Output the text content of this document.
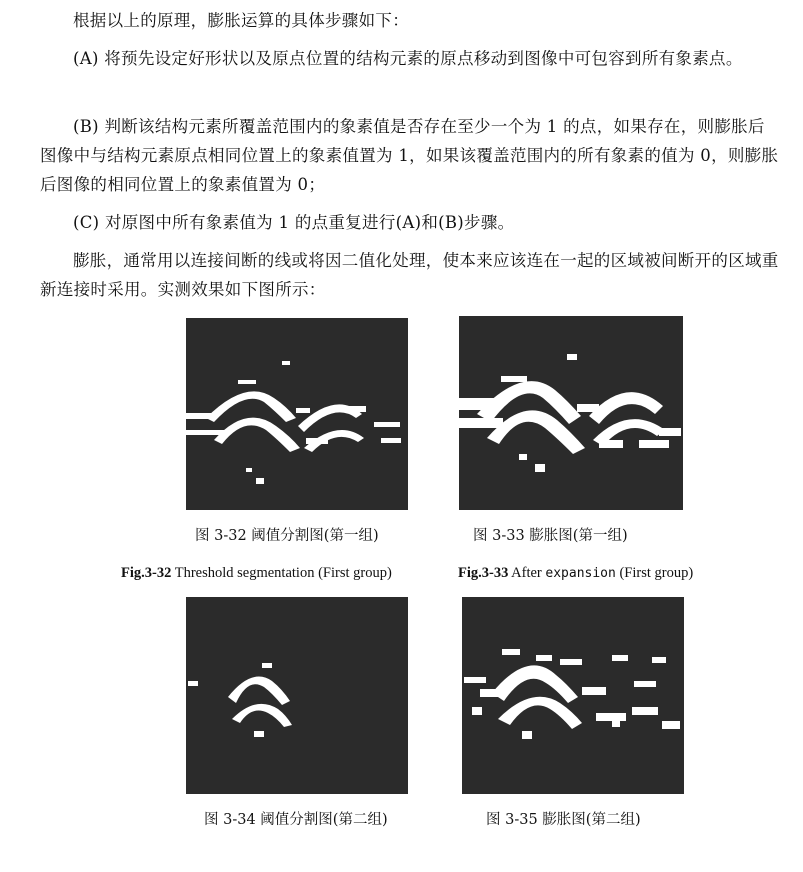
根据以上的原理，膨胀运算的具体步骤如下：

(A) 将预先设定好形状以及原点位置的结构元素的原点移动到图像中可包容到所有象素点。

(B) 判断该结构元素所覆盖范围内的象素值是否存在至少一个为 1 的点，如果存在，则膨胀后图像中与结构元素原点相同位置上的象素值置为 1，如果该覆盖范围内的所有象素的值为 0，则膨胀后图像的相同位置上的象素值置为 0；

(C) 对原图中所有象素值为 1 的点重复进行(A)和(B)步骤。

膨胀，通常用以连接间断的线或将因二值化处理，使本来应该连在一起的区域被间断开的区域重新连接时采用。实测效果如下图所示：

图 3-32 阈值分割图(第一组)	图 3-33 膨胀图(第一组)
Fig.3-32 Threshold segmentation (First group)	Fig.3-33 After expansion (First group)
图 3-34 阈值分割图(第二组)	图 3-35 膨胀图(第二组)
